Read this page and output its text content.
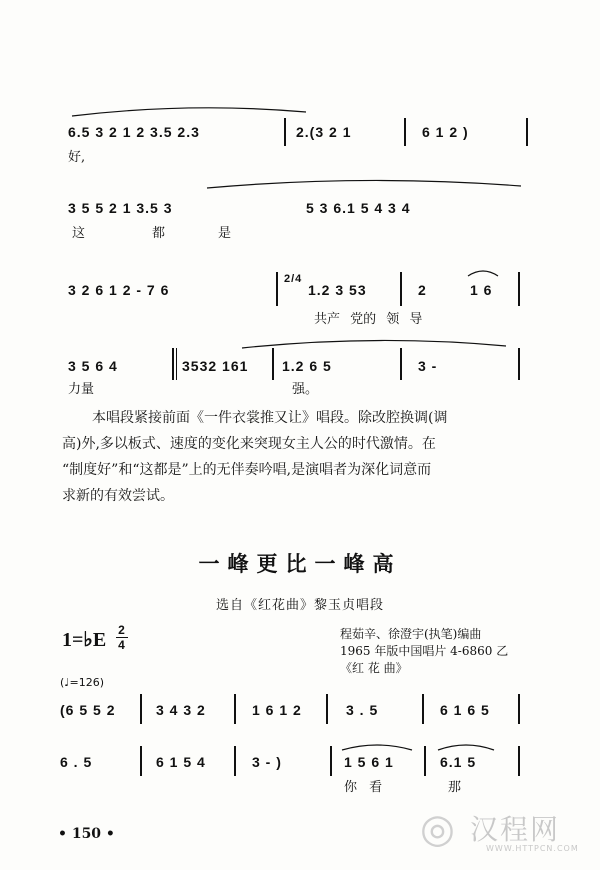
6.5 3 2 1 2 3.5 2.3	2.(3 2 1	6 1 2 )
好,
3 5 5 2 1 3.5 3	5 3 6.1 5 4 3 4
这	都	是
3 2 6 1 2 - 7 6
2/4
1.2 3 53	2	1 6
共产 党的 领 导
3 5 6 4	3532 161 1.2 6 5	3 -
力量	强。
本唱段紧接前面《一件衣裳推又让》唱段。除改腔换调(调
高)外,多以板式、速度的变化来突现女主人公的时代激情。在
“制度好”和“这都是”上的无伴奏吟唱,是演唱者为深化词意而
求新的有效尝试。
一峰更比一峰高
选自《红花曲》黎玉贞唱段
1=♭E 2
4
程茹辛、徐澄宇(执笔)编曲
1965 年版中国唱片 4-6860 乙
《红 花 曲》
(♩=126)
(6 5 5 2	3 4 3 2	1 6 1 2	3 . 5	6 1 6 5
6 . 5	6 1 5 4	3 - )	1 5 6 1	6.1 5
你 看	那
• 150 •	◎ 汉程网
WWW.HTTPCN.COM
